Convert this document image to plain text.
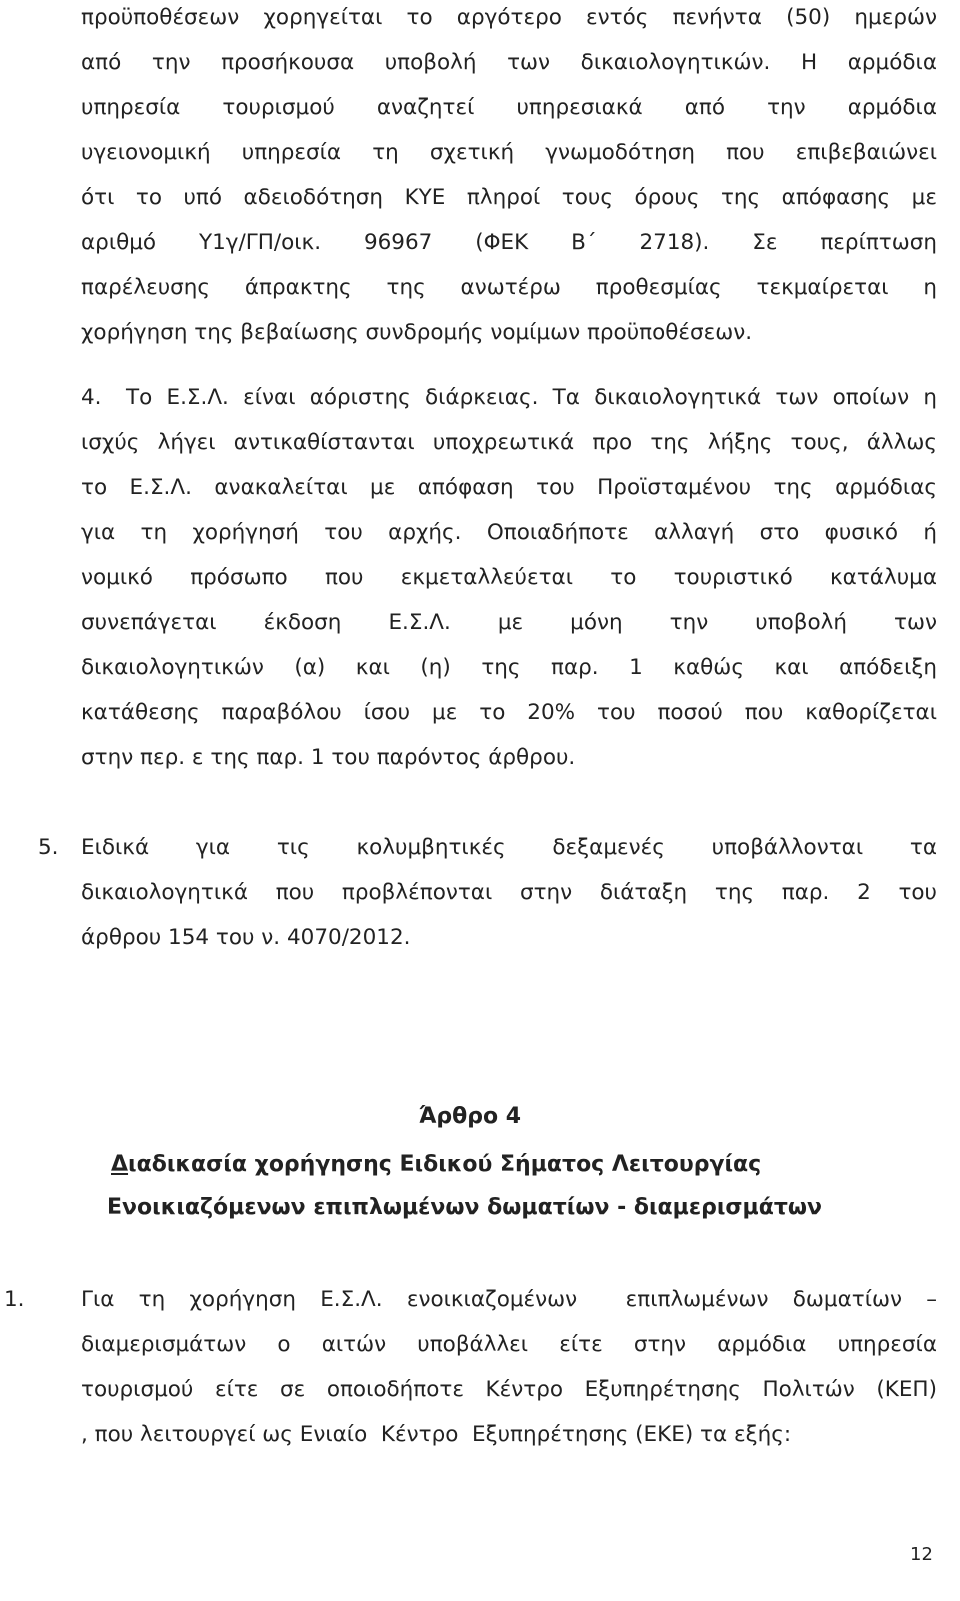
προϋποθέσεων χορηγείται το αργότερο εντός πενήντα (50) ημερών
από την προσήκουσα υποβολή των δικαιολογητικών. Η αρμόδια
υπηρεσία τουρισμού αναζητεί υπηρεσιακά από την αρμόδια
υγειονομική υπηρεσία τη σχετική γνωμοδότηση που επιβεβαιώνει
ότι το υπό αδειοδότηση ΚΥΕ πληροί τους όρους της απόφασης με
αριθμό Υ1γ/ΓΠ/οικ. 96967 (ΦΕΚ Β΄ 2718). Σε περίπτωση
παρέλευσης άπρακτης της ανωτέρω προθεσμίας τεκμαίρεται η
χορήγηση της βεβαίωσης συνδρομής νομίμων προϋποθέσεων.
4. Το Ε.Σ.Λ. είναι αόριστης διάρκειας. Τα δικαιολογητικά των οποίων η
ισχύς λήγει αντικαθίστανται υποχρεωτικά προ της λήξης τους, άλλως
το Ε.Σ.Λ. ανακαλείται με απόφαση του Προϊσταμένου της αρμόδιας
για τη χορήγησή του αρχής. Οποιαδήποτε αλλαγή στο φυσικό ή
νομικό πρόσωπο που εκμεταλλεύεται το τουριστικό κατάλυμα
συνεπάγεται έκδοση Ε.Σ.Λ. με μόνη την υποβολή των
δικαιολογητικών (α) και (η) της παρ. 1 καθώς και απόδειξη
κατάθεσης παραβόλου ίσου με το 20% του ποσού που καθορίζεται
στην περ. ε της παρ. 1 του παρόντος άρθρου.
5. Ειδικά για τις κολυμβητικές δεξαμενές υποβάλλονται τα
δικαιολογητικά που προβλέπονται στην διάταξη της παρ. 2 του
άρθρου 154 του ν. 4070/2012.
Άρθρο 4
Διαδικασία χορήγησης Ειδικού Σήματος Λειτουργίας
Ενοικιαζόμενων επιπλωμένων δωματίων - διαμερισμάτων
1.	Για τη χορήγηση Ε.Σ.Λ. ενοικιαζομένων  επιπλωμένων δωματίων –
διαμερισμάτων ο αιτών υποβάλλει είτε στην αρμόδια υπηρεσία
τουρισμού είτε σε οποιοδήποτε Κέντρο Εξυπηρέτησης Πολιτών (ΚΕΠ)
, που λειτουργεί ως Ενιαίο  Κέντρο  Εξυπηρέτησης (ΕΚΕ) τα εξής:
12
